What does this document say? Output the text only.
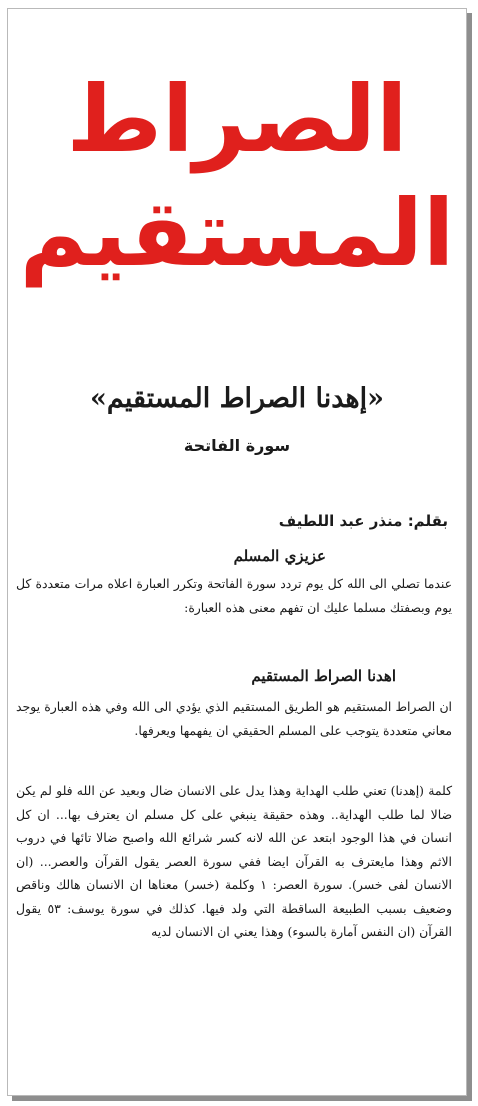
الصراط
المستقيم
«إهدنا الصراط المستقيم»
سورة الفاتحة
بقلم: منذر عبد اللطيف
عزيزي المسلم

عندما تصلي الى الله كل يوم تردد سورة الفاتحة وتكرر العبارة اعلاه مرات متعددة كل يوم وبصفتك مسلما عليك ان تفهم معنى هذه العبارة:

اهدنا الصراط المستقيم

ان الصراط المستقيم هو الطريق المستقيم الذي يؤدي الى الله وفي هذه العبارة يوجد معاني متعددة يتوجب على المسلم الحقيقي ان يفهمها ويعرفها.

كلمة (إهدنا) تعني طلب الهداية وهذا يدل على الانسان ضال وبعيد عن الله فلو لم يكن ضالا لما طلب الهداية.. وهذه حقيقة ينبغي على كل مسلم ان يعترف بها... ان كل انسان في هذا الوجود ابتعد عن الله لانه كسر شرائع الله واصبح ضالا تائها في دروب الاثم وهذا مايعترف به القرآن ايضا ففي سورة العصر يقول القرآن والعصر... (ان الانسان لفى خسر). سورة العصر: ١ وكلمة (خسر) معناها ان الانسان هالك وناقص وضعيف بسبب الطبيعة الساقطة التي ولد فيها. كذلك في سورة يوسف: ٥٣ يقول القرآن (ان النفس آمارة بالسوء) وهذا يعني ان الانسان لديه
